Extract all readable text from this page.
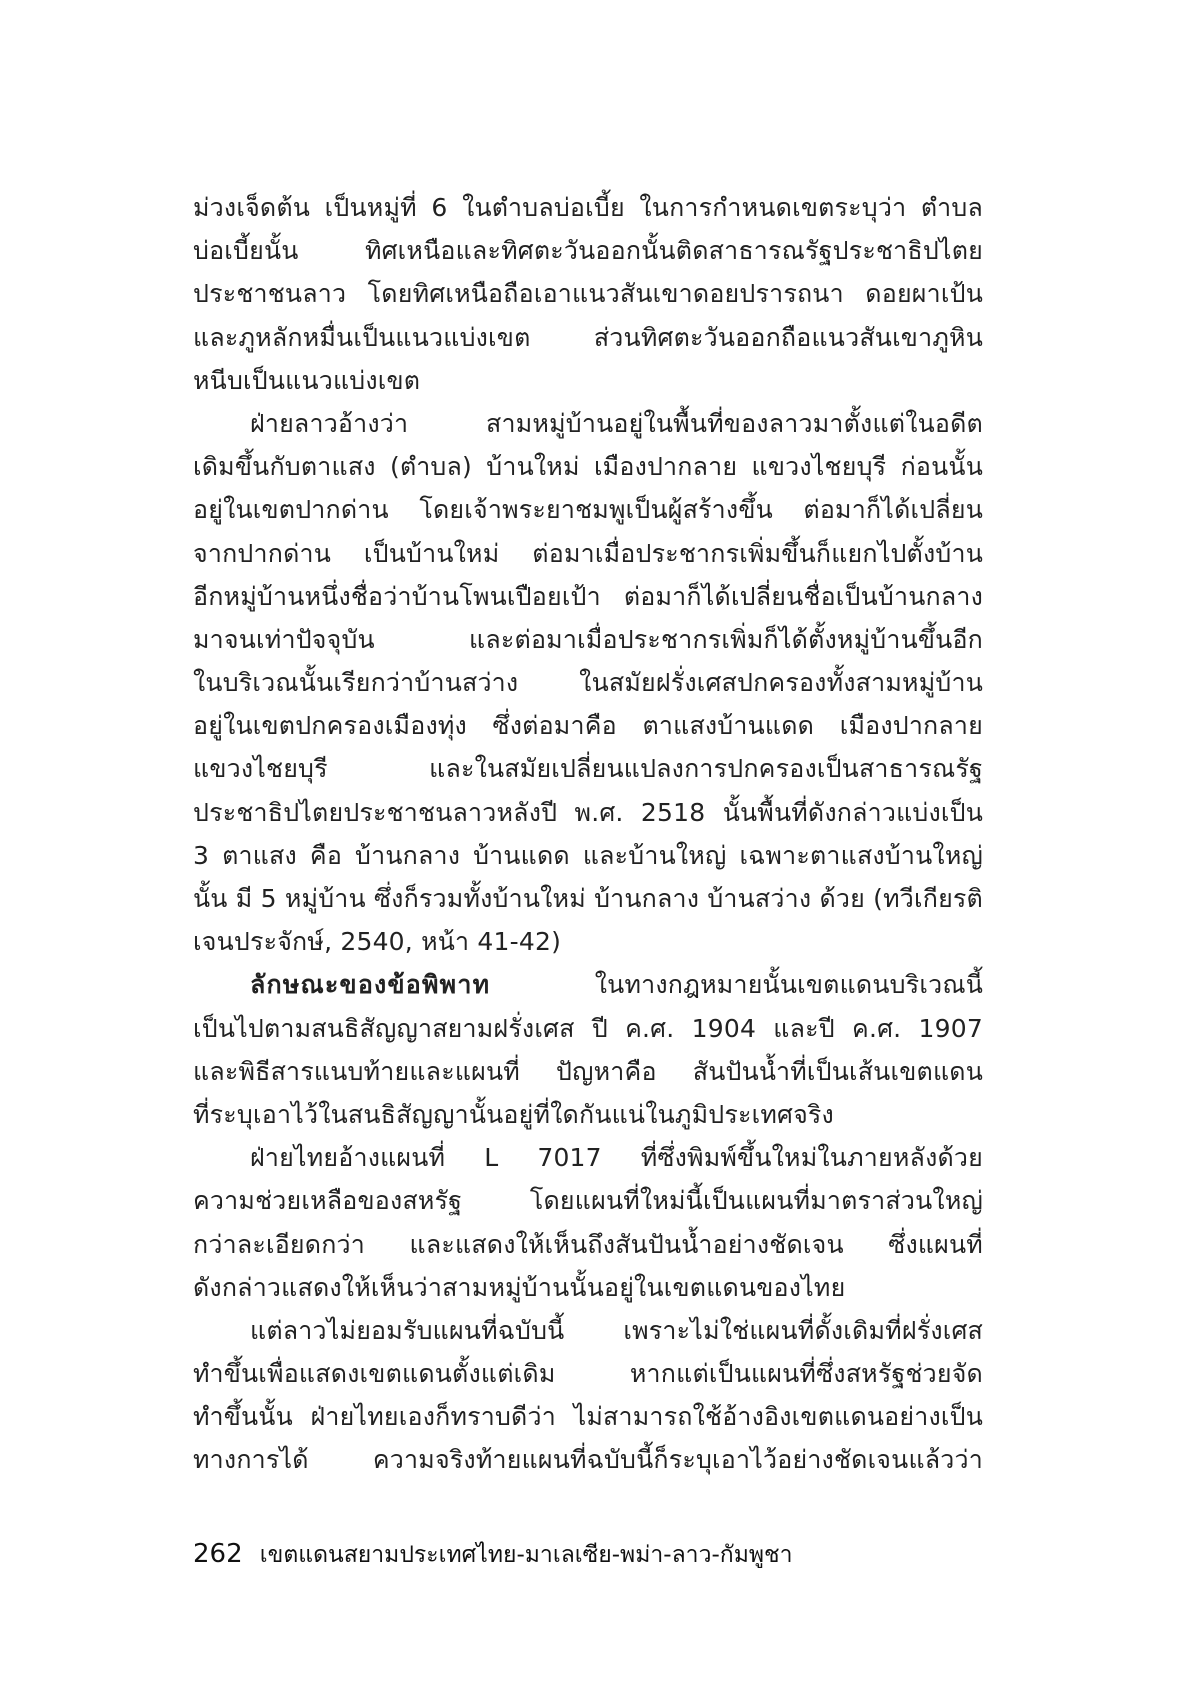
ม่วงเจ็ดต้น เป็นหมู่ที่ 6 ในตำบลบ่อเบี้ย ในการกำหนดเขตระบุว่า ตำบล
บ่อเบี้ยนั้น ทิศเหนือและทิศตะวันออกนั้นติดสาธารณรัฐประชาธิปไตย
ประชาชนลาว โดยทิศเหนือถือเอาแนวสันเขาดอยปรารถนา ดอยผาเป้น
และภูหลักหมื่นเป็นแนวแบ่งเขต ส่วนทิศตะวันออกถือแนวสันเขาภูหิน
หนีบเป็นแนวแบ่งเขต
ฝ่ายลาวอ้างว่า สามหมู่บ้านอยู่ในพื้นที่ของลาวมาตั้งแต่ในอดีต
เดิมขึ้นกับตาแสง (ตำบล) บ้านใหม่ เมืองปากลาย แขวงไชยบุรี ก่อนนั้น
อยู่ในเขตปากด่าน โดยเจ้าพระยาชมพูเป็นผู้สร้างขึ้น ต่อมาก็ได้เปลี่ยน
จากปากด่าน เป็นบ้านใหม่ ต่อมาเมื่อประชากรเพิ่มขึ้นก็แยกไปตั้งบ้าน
อีกหมู่บ้านหนึ่งชื่อว่าบ้านโพนเปือยเป้า ต่อมาก็ได้เปลี่ยนชื่อเป็นบ้านกลาง
มาจนเท่าปัจจุบัน และต่อมาเมื่อประชากรเพิ่มก็ได้ตั้งหมู่บ้านขึ้นอีก
ในบริเวณนั้นเรียกว่าบ้านสว่าง ในสมัยฝรั่งเศสปกครองทั้งสามหมู่บ้าน
อยู่ในเขตปกครองเมืองทุ่ง ซึ่งต่อมาคือ ตาแสงบ้านแดด เมืองปากลาย
แขวงไชยบุรี และในสมัยเปลี่ยนแปลงการปกครองเป็นสาธารณรัฐ
ประชาธิปไตยประชาชนลาวหลังปี พ.ศ. 2518 นั้นพื้นที่ดังกล่าวแบ่งเป็น
3 ตาแสง คือ บ้านกลาง บ้านแดด และบ้านใหญ่ เฉพาะตาแสงบ้านใหญ่
นั้น มี 5 หมู่บ้าน ซึ่งก็รวมทั้งบ้านใหม่ บ้านกลาง บ้านสว่าง ด้วย (ทวีเกียรติ
เจนประจักษ์, 2540, หน้า 41-42)
ลักษณะของข้อพิพาท ในทางกฎหมายนั้นเขตแดนบริเวณนี้
เป็นไปตามสนธิสัญญาสยามฝรั่งเศส ปี ค.ศ. 1904 และปี ค.ศ. 1907
และพิธีสารแนบท้ายและแผนที่ ปัญหาคือ สันปันน้ำที่เป็นเส้นเขตแดน
ที่ระบุเอาไว้ในสนธิสัญญานั้นอยู่ที่ใดกันแน่ในภูมิประเทศจริง
ฝ่ายไทยอ้างแผนที่ L 7017 ที่ซึ่งพิมพ์ขึ้นใหม่ในภายหลังด้วย
ความช่วยเหลือของสหรัฐ โดยแผนที่ใหม่นี้เป็นแผนที่มาตราส่วนใหญ่
กว่าละเอียดกว่า และแสดงให้เห็นถึงสันปันน้ำอย่างชัดเจน ซึ่งแผนที่
ดังกล่าวแสดงให้เห็นว่าสามหมู่บ้านนั้นอยู่ในเขตแดนของไทย
แต่ลาวไม่ยอมรับแผนที่ฉบับนี้ เพราะไม่ใช่แผนที่ดั้งเดิมที่ฝรั่งเศส
ทำขึ้นเพื่อแสดงเขตแดนตั้งแต่เดิม หากแต่เป็นแผนที่ซึ่งสหรัฐช่วยจัด
ทำขึ้นนั้น ฝ่ายไทยเองก็ทราบดีว่า ไม่สามารถใช้อ้างอิงเขตแดนอย่างเป็น
ทางการได้ ความจริงท้ายแผนที่ฉบับนี้ก็ระบุเอาไว้อย่างชัดเจนแล้วว่า
262 เขตแดนสยามประเทศไทย-มาเลเซีย-พม่า-ลาว-กัมพูชา
